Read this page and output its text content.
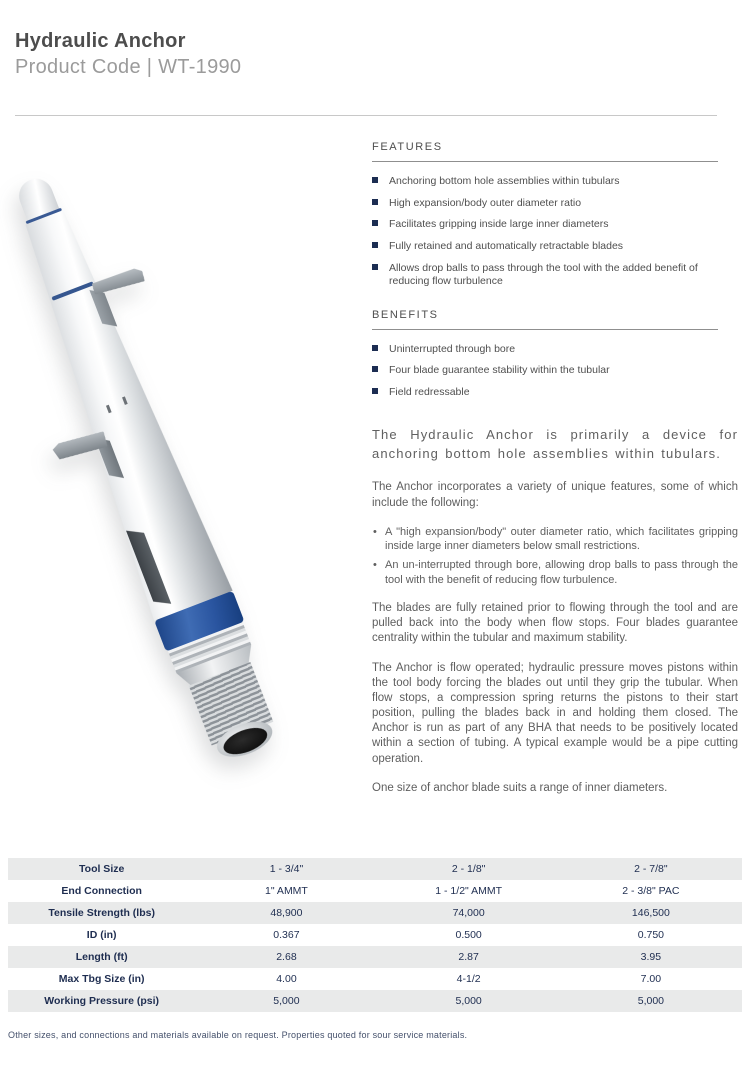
Hydraulic Anchor
Product Code | WT-1990
FEATURES
Anchoring bottom hole assemblies within tubulars
High expansion/body outer diameter ratio
Facilitates gripping inside large inner diameters
Fully retained and automatically retractable blades
Allows drop balls to pass through the tool with the added benefit of reducing flow turbulence
BENEFITS
Uninterrupted through bore
Four blade guarantee stability within the tubular
Field redressable

The Hydraulic Anchor is primarily a device for anchoring bottom hole assemblies within tubulars.

The Anchor incorporates a variety of unique features, some of which include the following:

• A "high expansion/body" outer diameter ratio, which facilitates gripping inside large inner diameters below small restrictions.
• An un-interrupted through bore, allowing drop balls to pass through the tool with the benefit of reducing flow turbulence.

The blades are fully retained prior to flowing through the tool and are pulled back into the body when flow stops. Four blades guarantee centrality within the tubular and maximum stability.

The Anchor is flow operated; hydraulic pressure moves pistons within the tool body forcing the blades out until they grip the tubular. When flow stops, a compression spring returns the pistons to their start position, pulling the blades back in and holding them closed. The Anchor is run as part of any BHA that needs to be positively located within a section of tubing. A typical example would be a pipe cutting operation.

One size of anchor blade suits a range of inner diameters.

Tool Size	1 - 3/4"	2 - 1/8"	2 - 7/8"
End Connection	1" AMMT	1 - 1/2" AMMT	2 - 3/8" PAC
Tensile Strength (lbs)	48,900	74,000	146,500
ID (in)	0.367	0.500	0.750
Length (ft)	2.68	2.87	3.95
Max Tbg Size (in)	4.00	4-1/2	7.00
Working Pressure (psi)	5,000	5,000	5,000
Other sizes, and connections and materials available on request. Properties quoted for sour service materials.
